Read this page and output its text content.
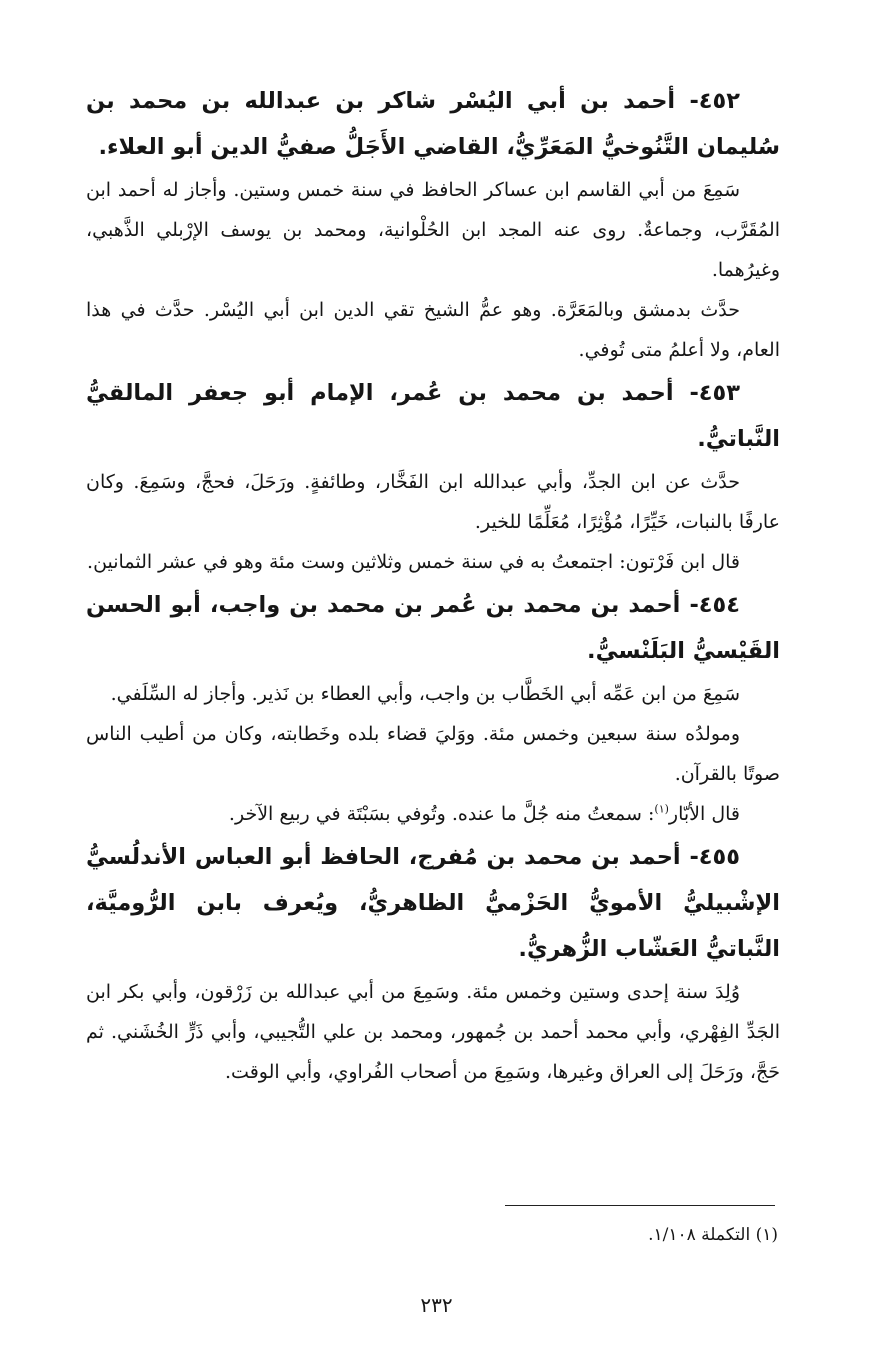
٤٥٢- أحمد بن أبي اليُسْر شاكر بن عبدالله بن محمد بن سُليمان التَّنُوخيُّ المَعَرِّيُّ، القاضي الأَجَلُّ صفيُّ الدين أبو العلاء.

سَمِعَ من أبي القاسم ابن عساكر الحافظ في سنة خمس وستين. وأجاز له أحمد ابن المُقَرَّب، وجماعةٌ. روى عنه المجد ابن الحُلْوانية، ومحمد بن يوسف الإرْبلي الذَّهبي، وغيرُهما.

حدَّث بدمشق وبالمَعَرَّة. وهو عمُّ الشيخ تقي الدين ابن أبي اليُسْر. حدَّث في هذا العام، ولا أعلمُ متى تُوفي.

٤٥٣- أحمد بن محمد بن عُمر، الإمام أبو جعفر المالقيُّ النَّباتيُّ.

حدَّث عن ابن الجدِّ، وأبي عبدالله ابن الفَخَّار، وطائفةٍ. ورَحَلَ، فحجَّ، وسَمِعَ. وكان عارفًا بالنبات، خَيِّرًا، مُؤْثِرًا، مُعَلِّمًا للخير.

قال ابن فَرْتون: اجتمعتُ به في سنة خمس وثلاثين وست مئة وهو في عشر الثمانين.

٤٥٤- أحمد بن محمد بن عُمر بن محمد بن واجب، أبو الحسن القَيْسيُّ البَلَنْسيُّ.

سَمِعَ من ابن عَمِّه أبي الخَطَّاب بن واجب، وأبي العطاء بن نَذير. وأجاز له السِّلَفي.

ومولدُه سنة سبعين وخمس مئة. ووَليَ قضاء بلده وخَطابته، وكان من أطيب الناس صوتًا بالقرآن.

قال الأبّار$^{(١)}$: سمعتُ منه جُلَّ ما عنده. وتُوفي بسَبْتَة في ربيع الآخر.

٤٥٥- أحمد بن محمد بن مُفرج، الحافظ أبو العباس الأندلُسيُّ الإشْبيليُّ الأمويُّ الحَزْميُّ الظاهريُّ، ويُعرف بابن الرُّوميَّة، النَّباتيُّ العَشّاب الزُّهريُّ.

وُلِدَ سنة إحدى وستين وخمس مئة. وسَمِعَ من أبي عبدالله بن زَرْقون، وأبي بكر ابن الجَدِّ الفِهْري، وأبي محمد أحمد بن جُمهور، ومحمد بن علي التُّجيبي، وأبي ذَرٍّ الخُشَني. ثم حَجَّ، ورَحَلَ إلى العراق وغيرها، وسَمِعَ من أصحاب الفُراوي، وأبي الوقت.

(١) التكملة ١/١٠٨.
٢٣٢
